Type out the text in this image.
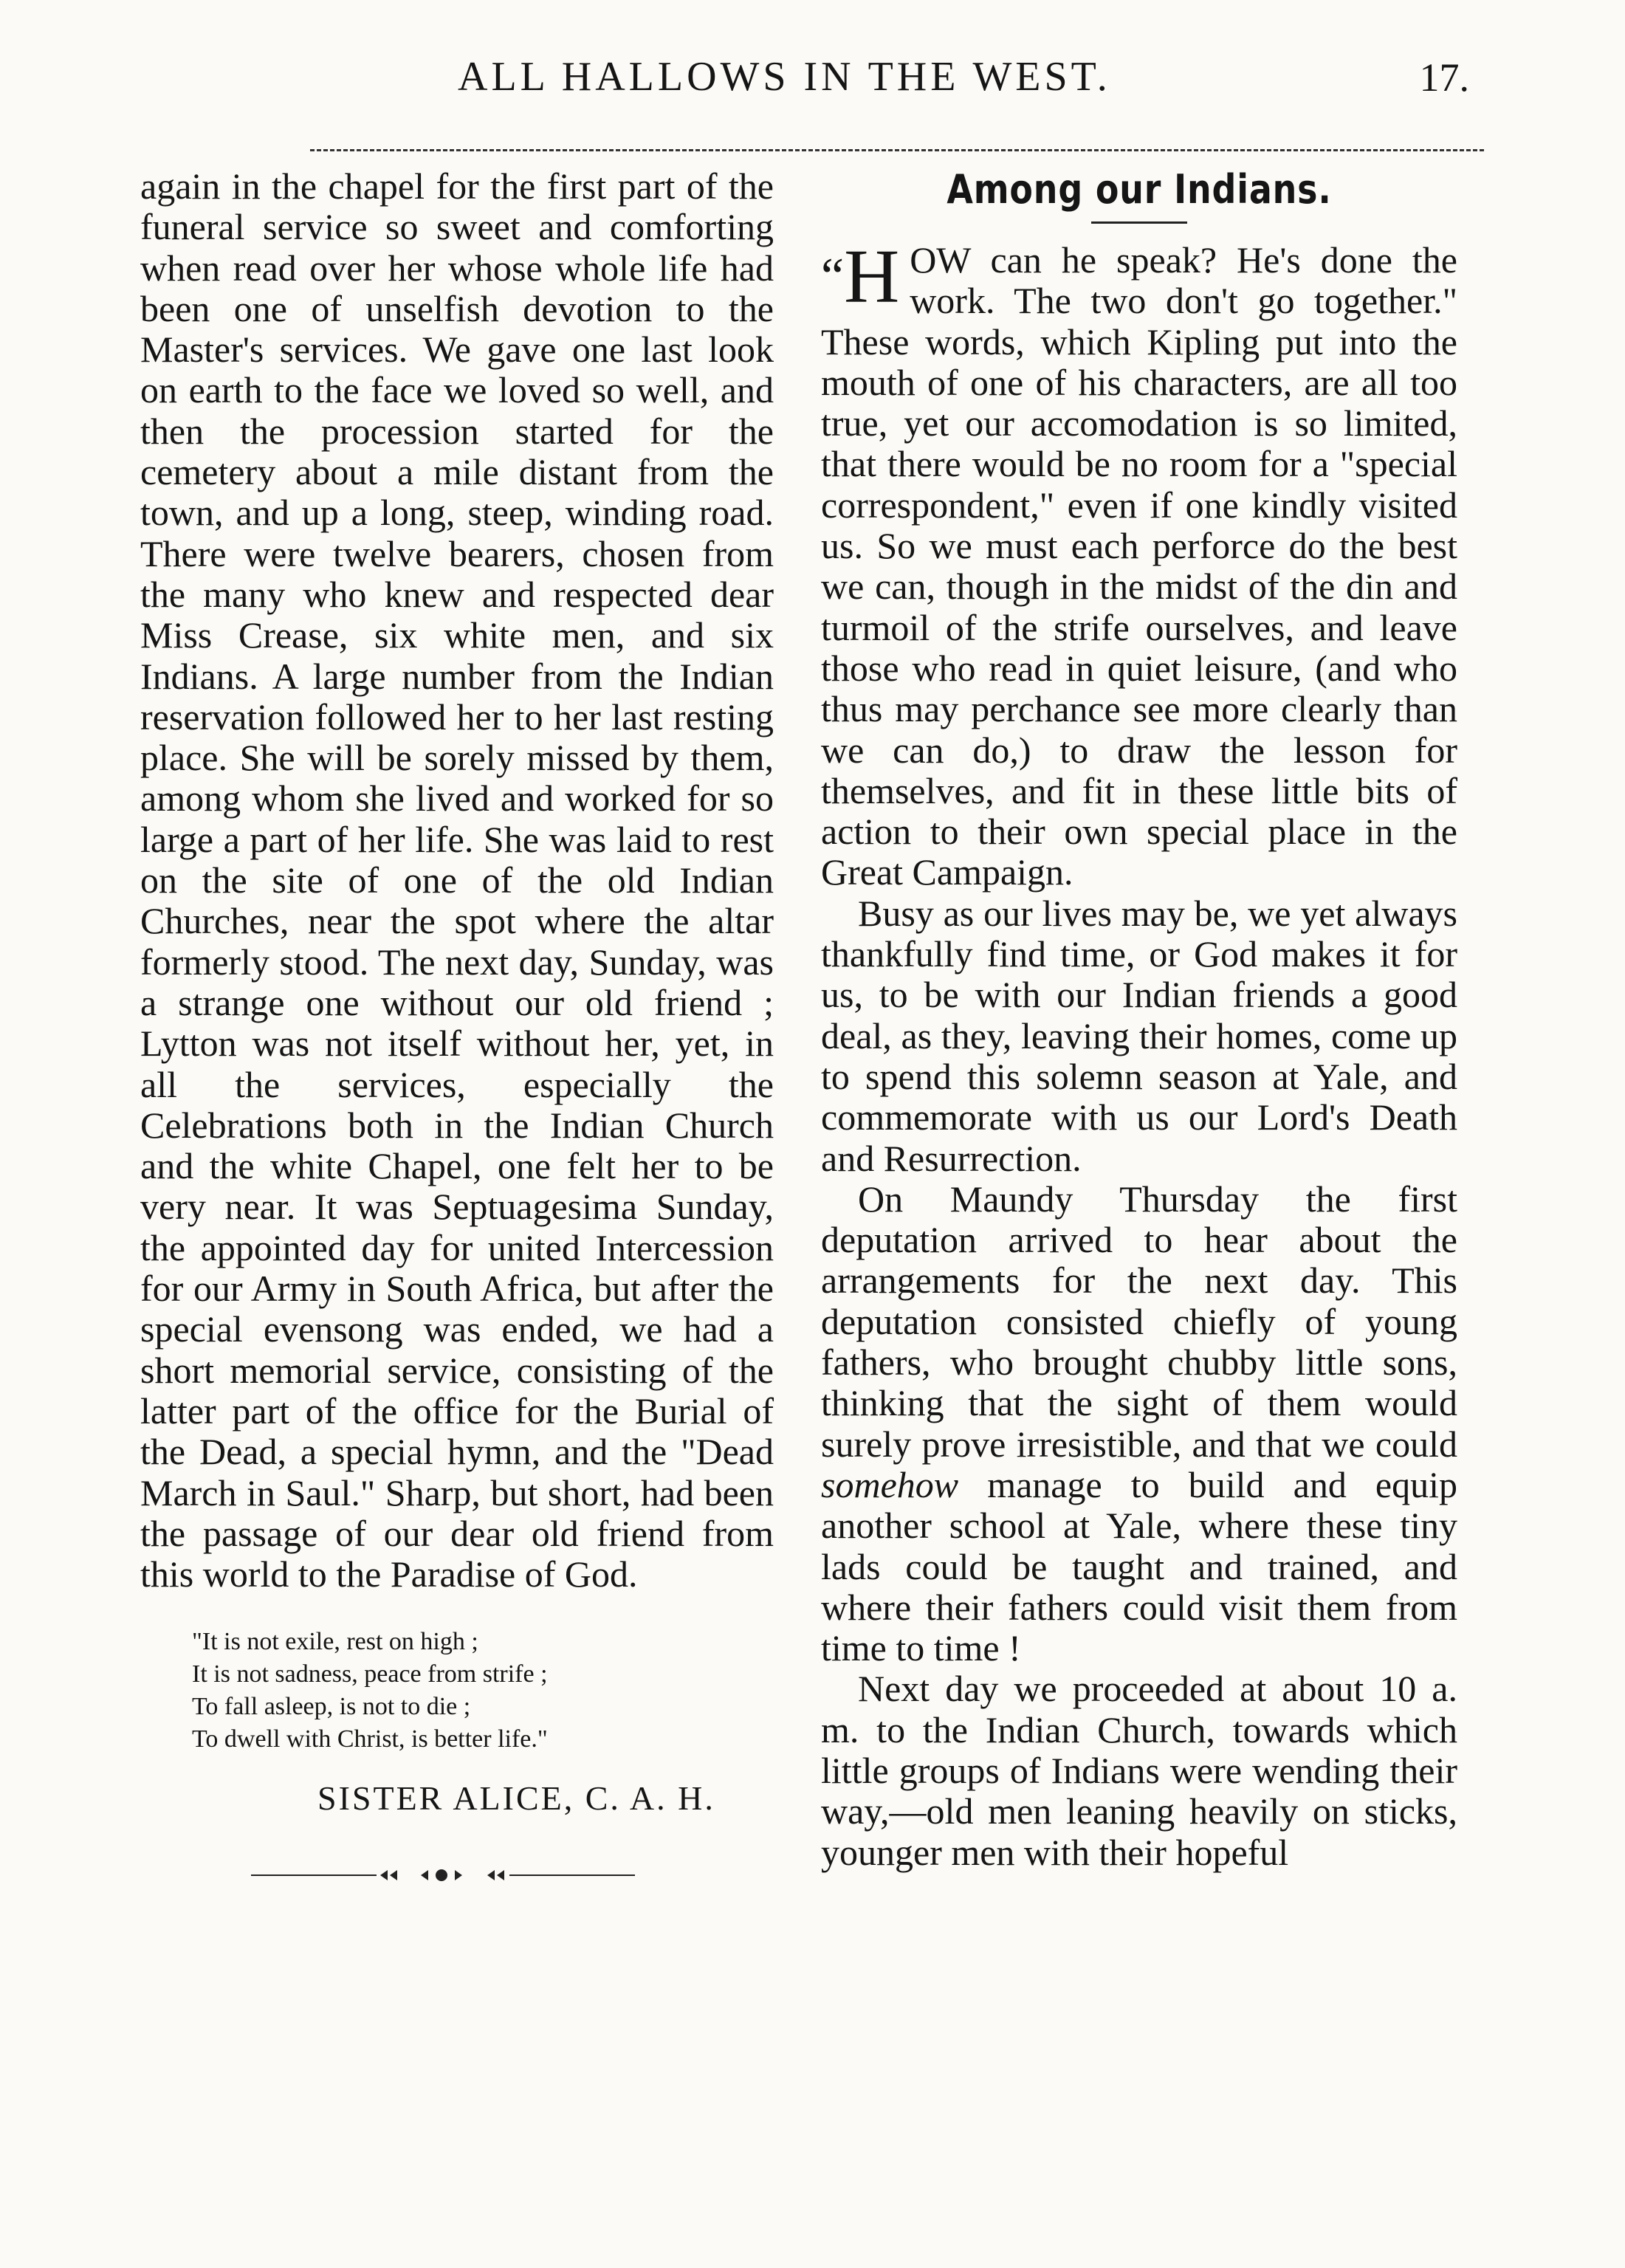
ALL HALLOWS IN THE WEST.	17.

again in the chapel for the first part of the funeral service so sweet and comforting when read over her whose whole life had been one of unselfish devotion to the Master's services. We gave one last look on earth to the face we loved so well, and then the procession started for the cemetery about a mile distant from the town, and up a long, steep, winding road. There were twelve bearers, chosen from the many who knew and respected dear Miss Crease, six white men, and six Indians. A large number from the Indian reservation followed her to her last resting place. She will be sorely missed by them, among whom she lived and worked for so large a part of her life. She was laid to rest on the site of one of the old Indian Churches, near the spot where the altar formerly stood. The next day, Sunday, was a strange one without our old friend ; Lytton was not itself without her, yet, in all the services, especially the Celebrations both in the Indian Church and the white Chapel, one felt her to be very near. It was Septuagesima Sunday, the appointed day for united Intercession for our Army in South Africa, but after the special evensong was ended, we had a short memorial service, consisting of the latter part of the office for the Burial of the Dead, a special hymn, and the "Dead March in Saul." Sharp, but short, had been the passage of our dear old friend from this world to the Paradise of God.

"It is not exile, rest on high ;
It is not sadness, peace from strife ;
To fall asleep, is not to die ;
To dwell with Christ, is better life."
SISTER ALICE, C. A. H.
Among our Indians.

“H OW can he speak? He's done the work. The two don't go together." These words, which Kipling put into the mouth of one of his characters, are all too true, yet our accomodation is so limited, that there would be no room for a "special correspondent," even if one kindly visited us. So we must each perforce do the best we can, though in the midst of the din and turmoil of the strife ourselves, and leave those who read in quiet leisure, (and who thus may perchance see more clearly than we can do,) to draw the lesson for themselves, and fit in these little bits of action to their own special place in the Great Campaign.

Busy as our lives may be, we yet always thankfully find time, or God makes it for us, to be with our Indian friends a good deal, as they, leaving their homes, come up to spend this solemn season at Yale, and commemorate with us our Lord's Death and Resurrection.

On Maundy Thursday the first deputation arrived to hear about the arrangements for the next day. This deputation consisted chiefly of young fathers, who brought chubby little sons, thinking that the sight of them would surely prove irresistible, and that we could somehow manage to build and equip another school at Yale, where these tiny lads could be taught and trained, and where their fathers could visit them from time to time !

Next day we proceeded at about 10 a. m. to the Indian Church, towards which little groups of Indians were wending their way,—old men leaning heavily on sticks, younger men with their hopeful
